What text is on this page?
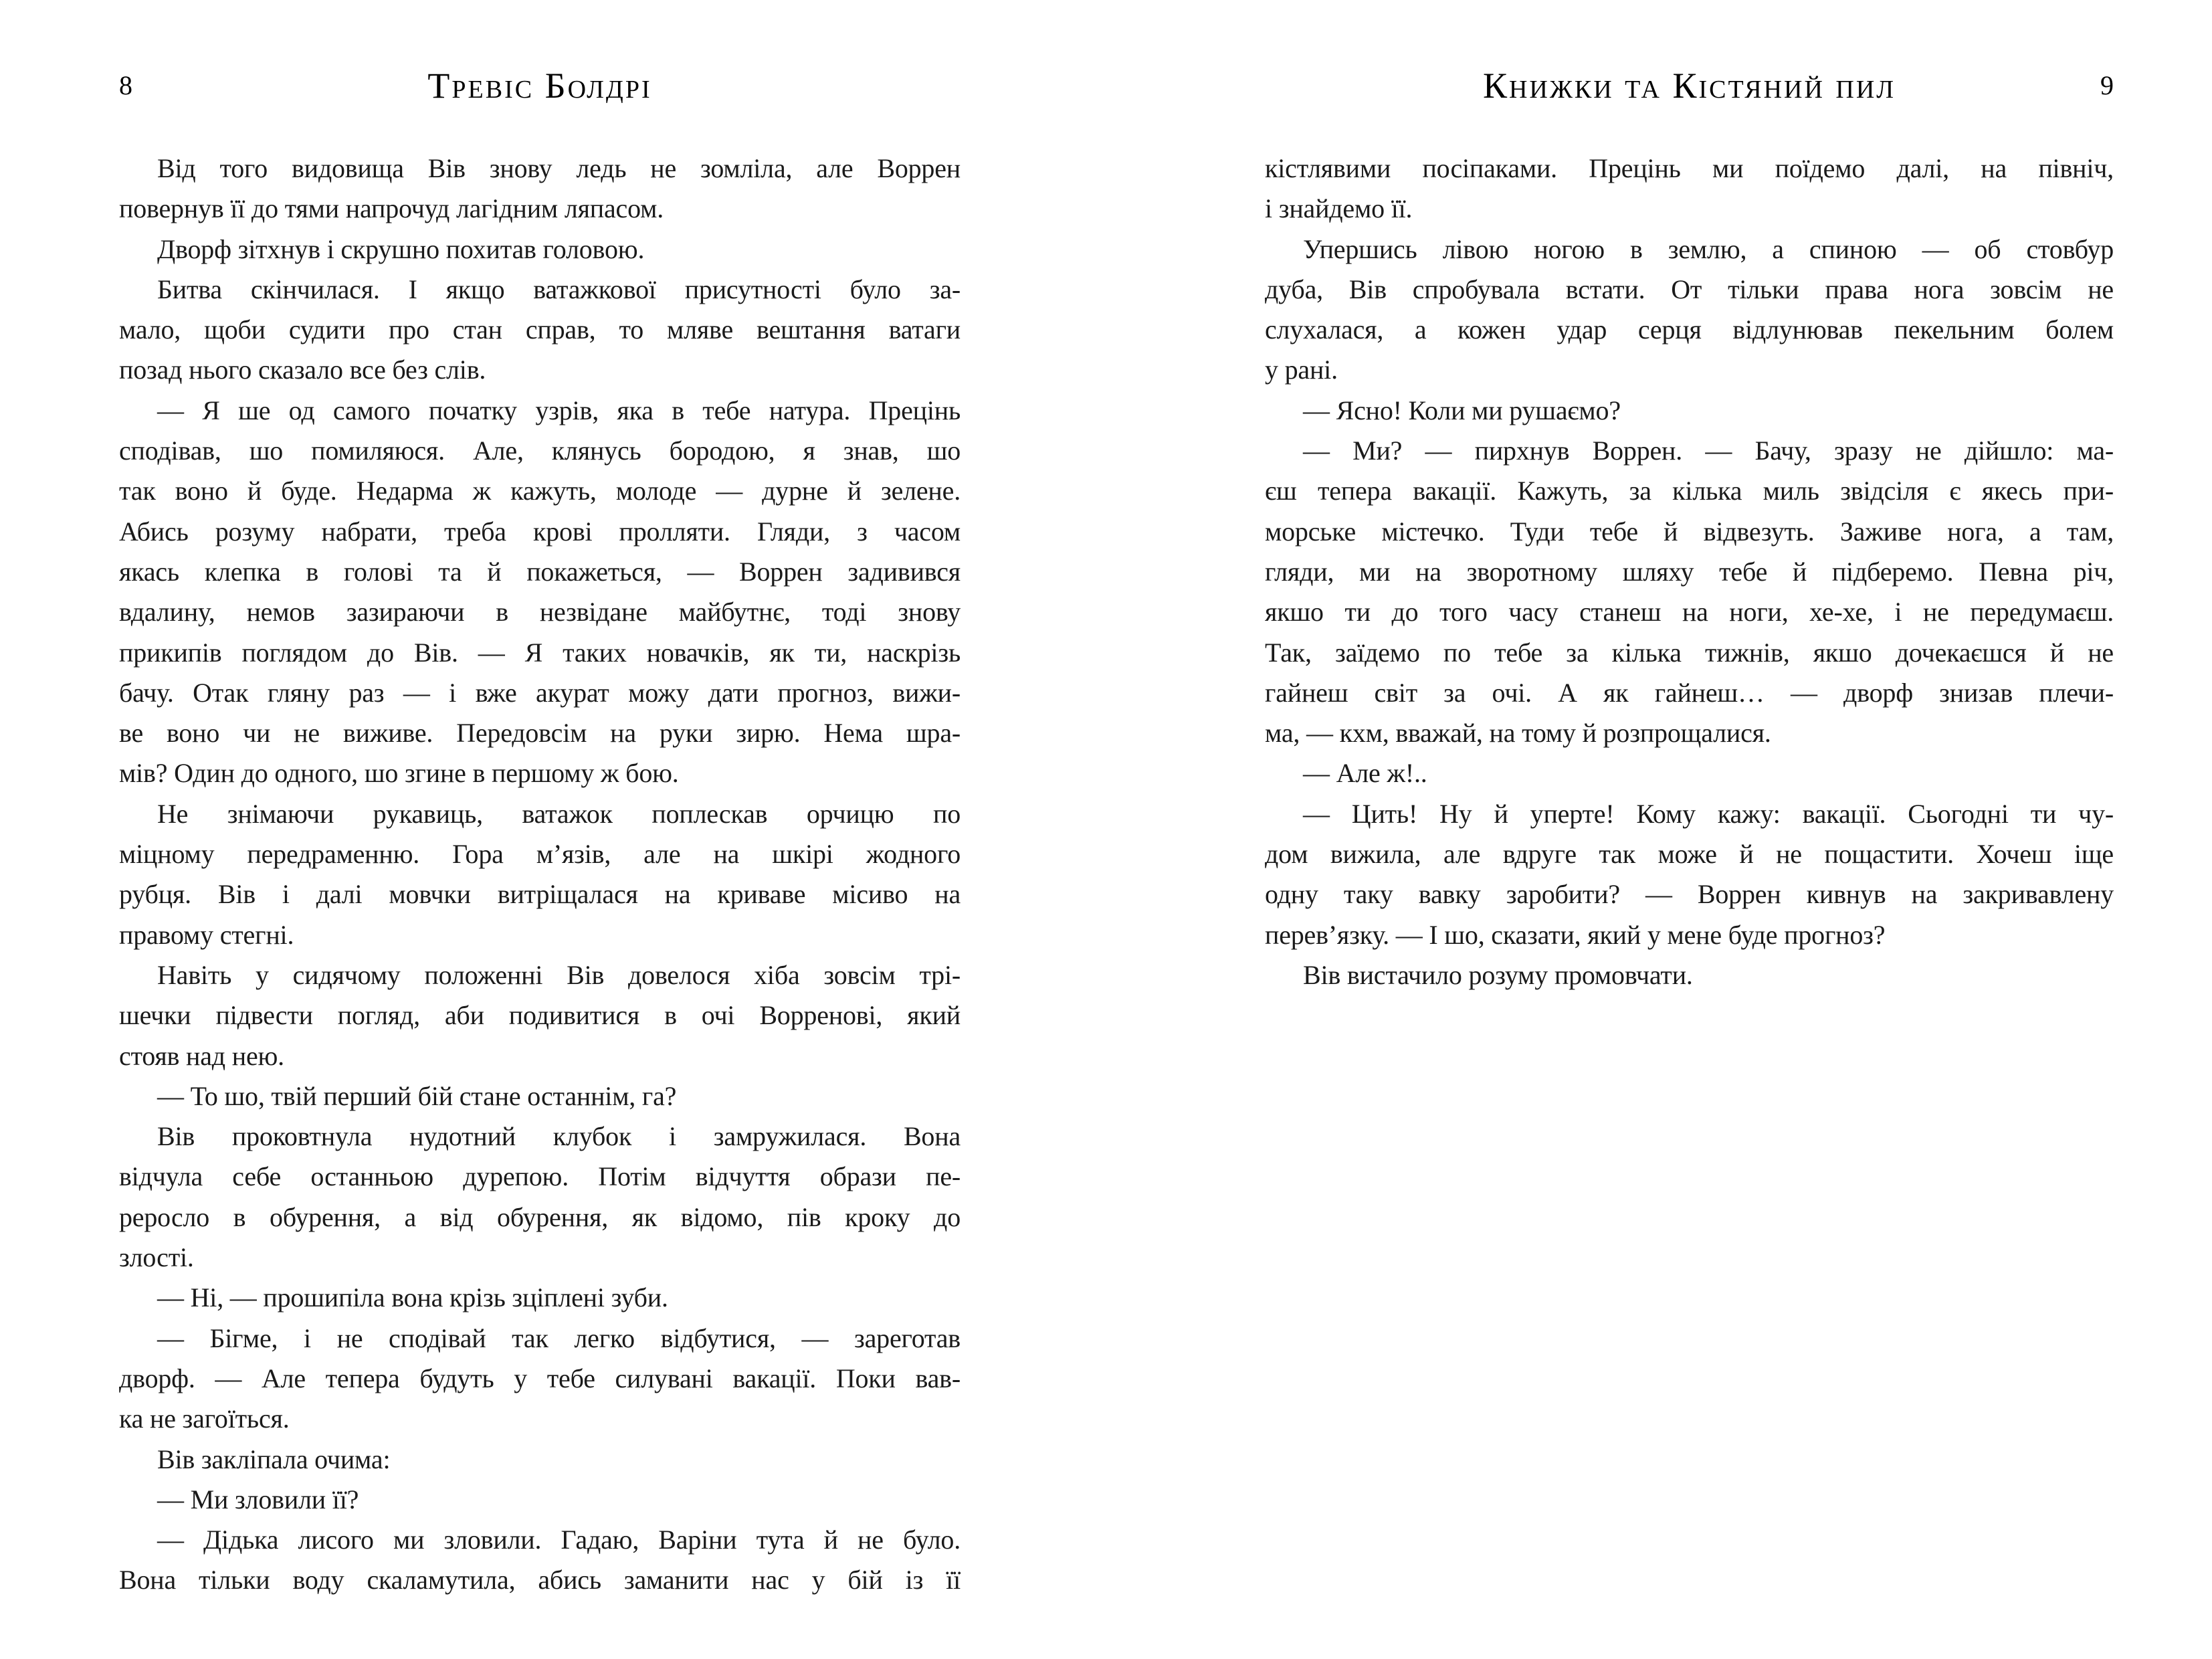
8	Тревіс Болдрі
Від того видовища Вів знову ледь не зомліла, але Воррен
повернув її до тями напрочуд лагідним ляпасом.
Дворф зітхнув і скрушно похитав головою.
Битва скінчилася. І якщо ватажкової присутності було за-
мало, щоби судити про стан справ, то мляве вештання ватаги
позад нього сказало все без слів.
— Я ше од самого початку узрів, яка в тебе натура. Прецінь
сподівав, шо помиляюся. Але, клянусь бородою, я знав, шо
так воно й буде. Недарма ж кажуть, молоде — дурне й зелене.
Абись розуму набрати, треба крові пролляти. Гляди, з часом
якась клепка в голові та й покажеться, — Воррен задивився
вдалину, немов зазираючи в незвідане майбутнє, тоді знову
прикипів поглядом до Вів. — Я таких новачків, як ти, наскрізь
бачу. Отак гляну раз — і вже акурат можу дати прогноз, вижи-
ве воно чи не виживе. Передовсім на руки зирю. Нема шра-
мів? Один до одного, шо згине в першому ж бою.
Не знімаючи рукавиць, ватажок поплескав орчицю по
міцному передраменню. Гора м’язів, але на шкірі жодного
рубця. Вів і далі мовчки витріщалася на криваве місиво на
правому стегні.
Навіть у сидячому положенні Вів довелося хіба зовсім трі-
шечки підвести погляд, аби подивитися в очі Ворренові, який
стояв над нею.
— То шо, твій перший бій стане останнім, га?
Вів проковтнула нудотний клубок і замружилася. Вона
відчула себе останньою дурепою. Потім відчуття образи пе-
реросло в обурення, а від обурення, як відомо, пів кроку до
злості.
— Ні, — прошипіла вона крізь зціплені зуби.
— Бігме, і не сподівай так легко відбутися, — зареготав
дворф. — Але тепера будуть у тебе силувані вакації. Поки вав-
ка не загоїться.
Вів закліпала очима:
— Ми зловили її?
— Дідька лисого ми зловили. Гадаю, Варіни тута й не було.
Вона тільки воду скаламутила, абись заманити нас у бій із її
Книжки та Кістяний пил	9
кістлявими посіпаками. Прецінь ми поїдемо далі, на північ,
і знайдемо її.
Упершись лівою ногою в землю, а спиною — об стовбур
дуба, Вів спробувала встати. От тільки права нога зовсім не
слухалася, а кожен удар серця відлунював пекельним болем
у рані.
— Ясно! Коли ми рушаємо?
— Ми? — пирхнув Воррен. — Бачу, зразу не дійшло: ма-
єш тепера вакації. Кажуть, за кілька миль звідсіля є якесь при-
морське містечко. Туди тебе й відвезуть. Заживе нога, а там,
гляди, ми на зворотному шляху тебе й підберемо. Певна річ,
якшо ти до того часу станеш на ноги, хе-хе, і не передумаєш.
Так, заїдемо по тебе за кілька тижнів, якшо дочекаєшся й не
гайнеш світ за очі. А як гайнеш… — дворф знизав плечи-
ма, — кхм, вважай, на тому й розпрощалися.
— Але ж!..
— Цить! Ну й уперте! Кому кажу: вакації. Сьогодні ти чу-
дом вижила, але вдруге так може й не пощастити. Хочеш іще
одну таку вавку заробити? — Воррен кивнув на закривавлену
перев’язку. — І шо, сказати, який у мене буде прогноз?
Вів вистачило розуму промовчати.
